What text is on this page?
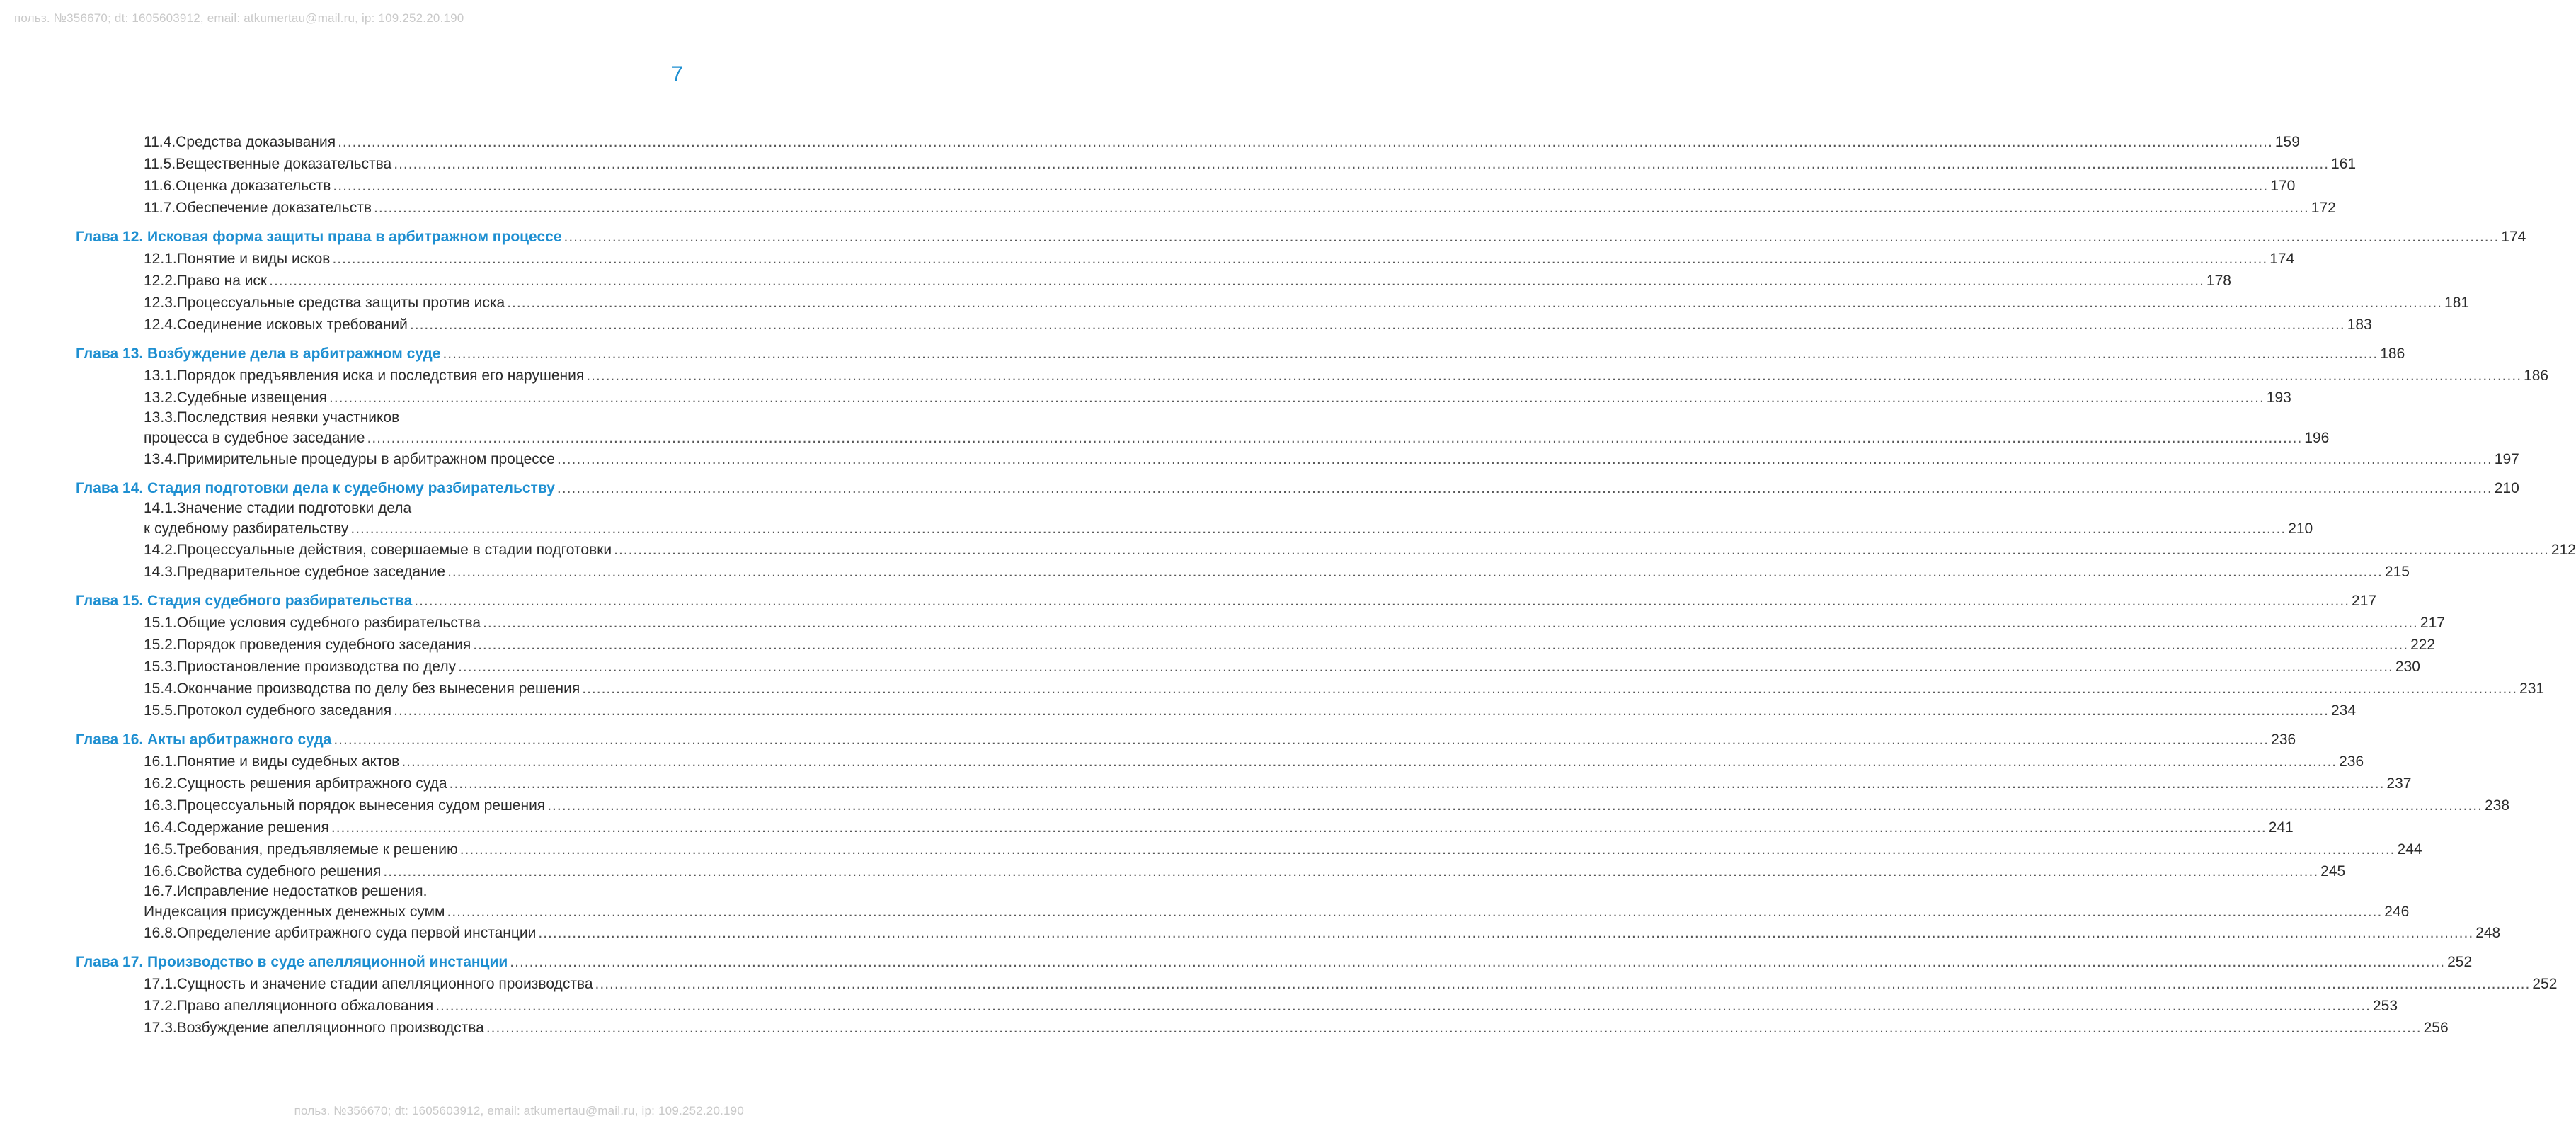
польз. №356670; dt: 1605603912, email: atkumertau@mail.ru, ip: 109.252.20.190
7
11.4.Средства доказывания ................................................................................................................................................................................................................................................................................................................................................................................................................ 159
11.5.Вещественные доказательства ................................................................................................................................................................................................................................................................................................................................................................................................................ 161
11.6.Оценка доказательств ................................................................................................................................................................................................................................................................................................................................................................................................................ 170
11.7.Обеспечение доказательств ................................................................................................................................................................................................................................................................................................................................................................................................................ 172
Глава 12. Исковая форма защиты права в арбитражном процессе ................................................................................................................................................................................................................................................................................................................................................................................................................ 174
12.1.Понятие и виды исков ................................................................................................................................................................................................................................................................................................................................................................................................................ 174
12.2.Право на иск ................................................................................................................................................................................................................................................................................................................................................................................................................ 178
12.3.Процессуальные средства защиты против иска ................................................................................................................................................................................................................................................................................................................................................................................................................ 181
12.4.Соединение исковых требований ................................................................................................................................................................................................................................................................................................................................................................................................................ 183
Глава 13. Возбуждение дела в арбитражном суде ................................................................................................................................................................................................................................................................................................................................................................................................................ 186
13.1.Порядок предъявления иска и последствия его нарушения ................................................................................................................................................................................................................................................................................................................................................................................................................ 186
13.2.Судебные извещения ................................................................................................................................................................................................................................................................................................................................................................................................................ 193
13.3.Последствия неявки участников
процесса в судебное заседание ................................................................................................................................................................................................................................................................................................................................................................................................................ 196
13.4.Примирительные процедуры в арбитражном процессе ................................................................................................................................................................................................................................................................................................................................................................................................................ 197
Глава 14. Стадия подготовки дела к судебному разбирательству ................................................................................................................................................................................................................................................................................................................................................................................................................ 210
14.1.Значение стадии подготовки дела
к судебному разбирательству ................................................................................................................................................................................................................................................................................................................................................................................................................ 210
14.2.Процессуальные действия, совершаемые в стадии подготовки ................................................................................................................................................................................................................................................................................................................................................................................................................ 212
14.3.Предварительное судебное заседание ................................................................................................................................................................................................................................................................................................................................................................................................................ 215
Глава 15. Стадия судебного разбирательства ................................................................................................................................................................................................................................................................................................................................................................................................................ 217
15.1.Общие условия судебного разбирательства ................................................................................................................................................................................................................................................................................................................................................................................................................ 217
15.2.Порядок проведения судебного заседания ................................................................................................................................................................................................................................................................................................................................................................................................................ 222
15.3.Приостановление производства по делу ................................................................................................................................................................................................................................................................................................................................................................................................................ 230
15.4.Окончание производства по делу без вынесения решения ................................................................................................................................................................................................................................................................................................................................................................................................................ 231
15.5.Протокол судебного заседания ................................................................................................................................................................................................................................................................................................................................................................................................................ 234
Глава 16. Акты арбитражного суда ................................................................................................................................................................................................................................................................................................................................................................................................................ 236
16.1.Понятие и виды судебных актов ................................................................................................................................................................................................................................................................................................................................................................................................................ 236
16.2.Сущность решения арбитражного суда ................................................................................................................................................................................................................................................................................................................................................................................................................ 237
16.3.Процессуальный порядок вынесения судом решения ................................................................................................................................................................................................................................................................................................................................................................................................................ 238
16.4.Содержание решения ................................................................................................................................................................................................................................................................................................................................................................................................................ 241
16.5.Требования, предъявляемые к решению ................................................................................................................................................................................................................................................................................................................................................................................................................ 244
16.6.Свойства судебного решения ................................................................................................................................................................................................................................................................................................................................................................................................................ 245
16.7.Исправление недостатков решения.
Индексация присужденных денежных сумм ................................................................................................................................................................................................................................................................................................................................................................................................................ 246
16.8.Определение арбитражного суда первой инстанции ................................................................................................................................................................................................................................................................................................................................................................................................................ 248
Глава 17. Производство в суде апелляционной инстанции ................................................................................................................................................................................................................................................................................................................................................................................................................ 252
17.1.Сущность и значение стадии апелляционного производства ................................................................................................................................................................................................................................................................................................................................................................................................................ 252
17.2.Право апелляционного обжалования ................................................................................................................................................................................................................................................................................................................................................................................................................ 253
17.3.Возбуждение апелляционного производства ................................................................................................................................................................................................................................................................................................................................................................................................................ 256
польз. №356670; dt: 1605603912, email: atkumertau@mail.ru, ip: 109.252.20.190
